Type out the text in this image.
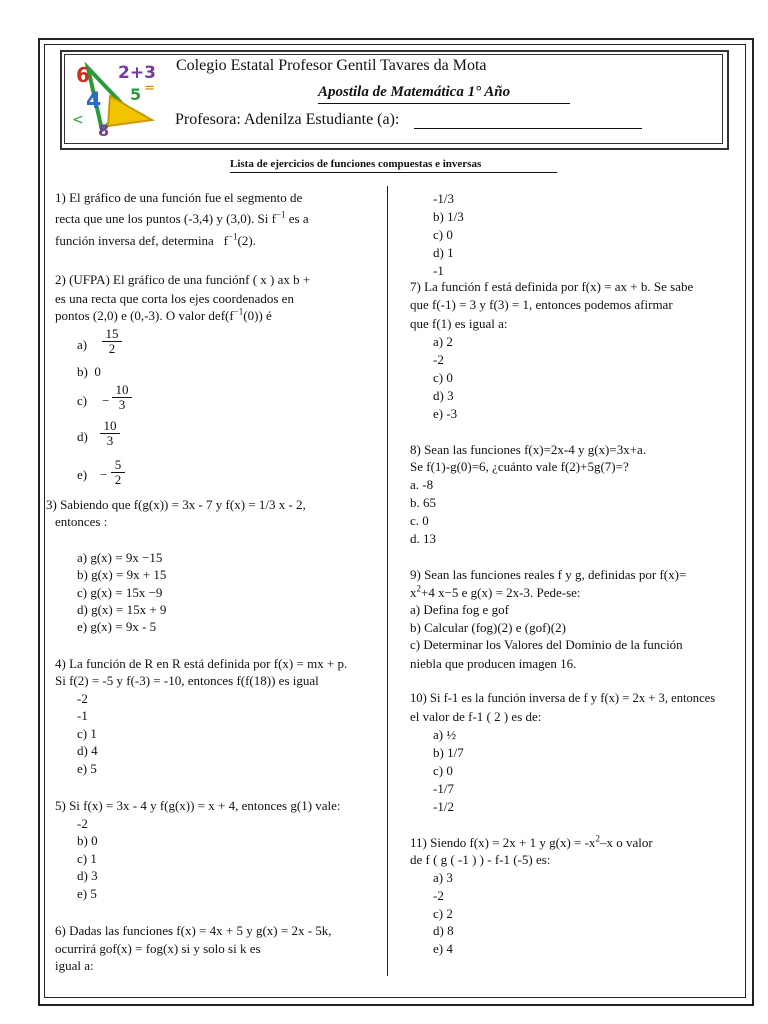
6 2+3
4 5 =
8
<
Colegio Estatal Profesor Gentil Tavares da Mota
Apostila de Matemática 1° Año
Profesora: Adenilza Estudiante (a):
Lista de ejercicios de funciones compuestas e inversas
1) El gráfico de una función fue el segmento de
recta que une los puntos (-3,4) y (3,0). Si $f^{-1}$ es a
función inversa def, determina $f^{-1}(2)$.
2) (UFPA) El gráfico de una funciónf ( x ) ax b +
es una recta que corta los ejes coordenados en
pontos (2,0) e (0,-3). O valor $def(f^{-1}(0))$ é
$a) \frac{15}{2}$
b) 0
$c) - \frac{10}{3}$
$d) \frac{10}{3}$
$e) - \frac{5}{2}$
3) Sabiendo que f(g(x)) = 3x - 7 y f(x) = 1/3 x - 2,
entonces :
a) g(x) = 9x −15
b) g(x) = 9x + 15
c) g(x) = 15x −9
d) g(x) = 15x + 9
e) g(x) = 9x - 5
4) La función de R en R está definida por f(x) = mx + p.
Si f(2) = -5 y f(-3) = -10, entonces f(f(18)) es igual
-2
-1
c) 1
d) 4
e) 5
5) Si f(x) = 3x - 4 y f(g(x)) = x + 4, entonces g(1) vale:
-2
b) 0
c) 1
d) 3
e) 5
6) Dadas las funciones f(x) = 4x + 5 y g(x) = 2x - 5k,
ocurrirá gof(x) = fog(x) si y solo si k es
igual a:
-1/3
b) 1/3
c) 0
d) 1
-1
7) La función f está definida por f(x) = ax + b. Se sabe
que f(-1) = 3 y f(3) = 1, entonces podemos afirmar
que f(1) es igual a:
a) 2
-2
c) 0
d) 3
e) -3
8) Sean las funciones f(x)=2x-4 y g(x)=3x+a.
Se f(1)-g(0)=6, ¿cuánto vale f(2)+5g(7)=?
a. -8
b. 65
c. 0
d. 13
9) Sean las funciones reales f y g, definidas por f(x)=
$x^2+4$ x−5 e g(x) = 2x-3. Pede-se:
a) Defina fog e gof
b) Calcular (fog)(2) e (gof)(2)
c) Determinar los Valores del Dominio de la función
niebla que producen imagen 16.
10) Si f-1 es la función inversa de f y f(x) = 2x + 3, entonces
el valor de f-1 ( 2 ) es de:
a) ½
b) 1/7
c) 0
-1/7
-1/2
11) Siendo f(x) = 2x + 1 y $g(x) = -x^2-x$ o valor
de f ( g ( -1 ) ) - f-1 (-5) es:
a) 3
-2
c) 2
d) 8
e) 4
